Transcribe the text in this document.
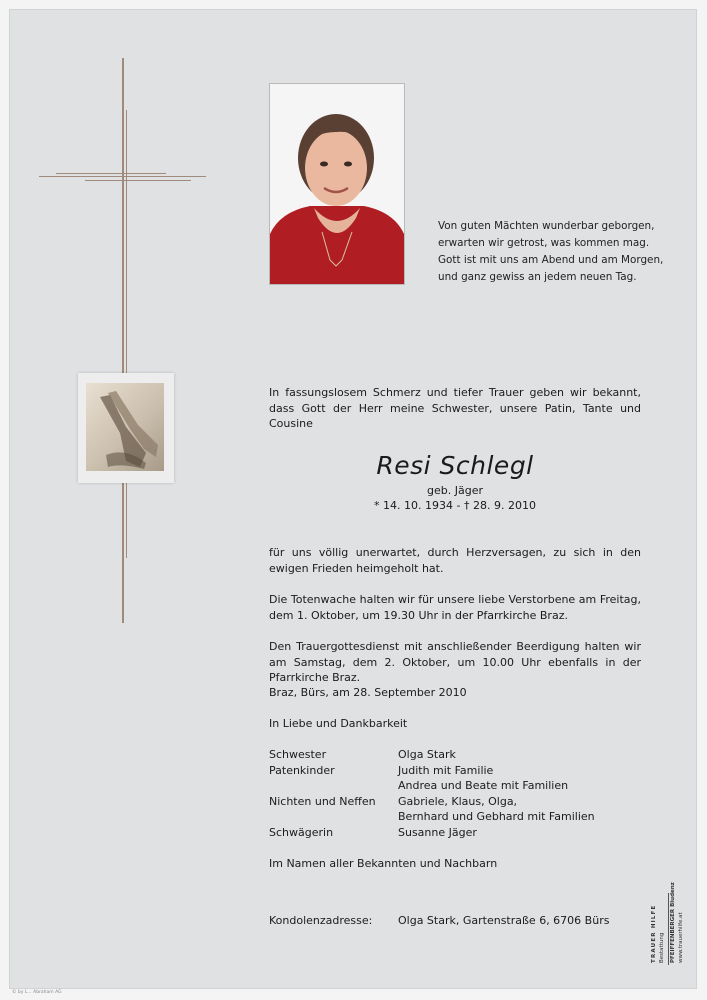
Von guten Mächten wunderbar geborgen,
erwarten wir getrost, was kommen mag.
Gott ist mit uns am Abend und am Morgen,
und ganz gewiss an jedem neuen Tag.
In fassungslosem Schmerz und tiefer Trauer geben wir bekannt, dass Gott der Herr meine Schwester, unsere Patin, Tante und Cousine
Resi Schlegl
geb. Jäger
* 14. 10. 1934 - † 28. 9. 2010
für uns völlig unerwartet, durch Herzversagen, zu sich in den ewigen Frieden heimgeholt hat.
Die Totenwache halten wir für unsere liebe Verstorbene am Freitag, dem 1. Oktober, um 19.30 Uhr in der Pfarrkirche Braz.
Den Trauergottesdienst mit anschließender Beerdigung halten wir am Samstag, dem 2. Oktober, um 10.00 Uhr ebenfalls in der Pfarrkirche Braz.
Braz, Bürs, am 28. September 2010
In Liebe und Dankbarkeit
Schwester	Olga Stark
Patenkinder	Judith mit Familie
Andrea und Beate mit Familien
Nichten und Neffen Gabriele, Klaus, Olga,
Bernhard und Gebhard mit Familien
Schwägerin	Susanne Jäger
Im Namen aller Bekannten und Nachbarn
Kondolenzadresse: Olga Stark, Gartenstraße 6, 6706 Bürs	TRAUER HILFE Bestattung PFEIFFENBERGER Bludenz www.trauerhilfe.at
© by L... Abraham AG
